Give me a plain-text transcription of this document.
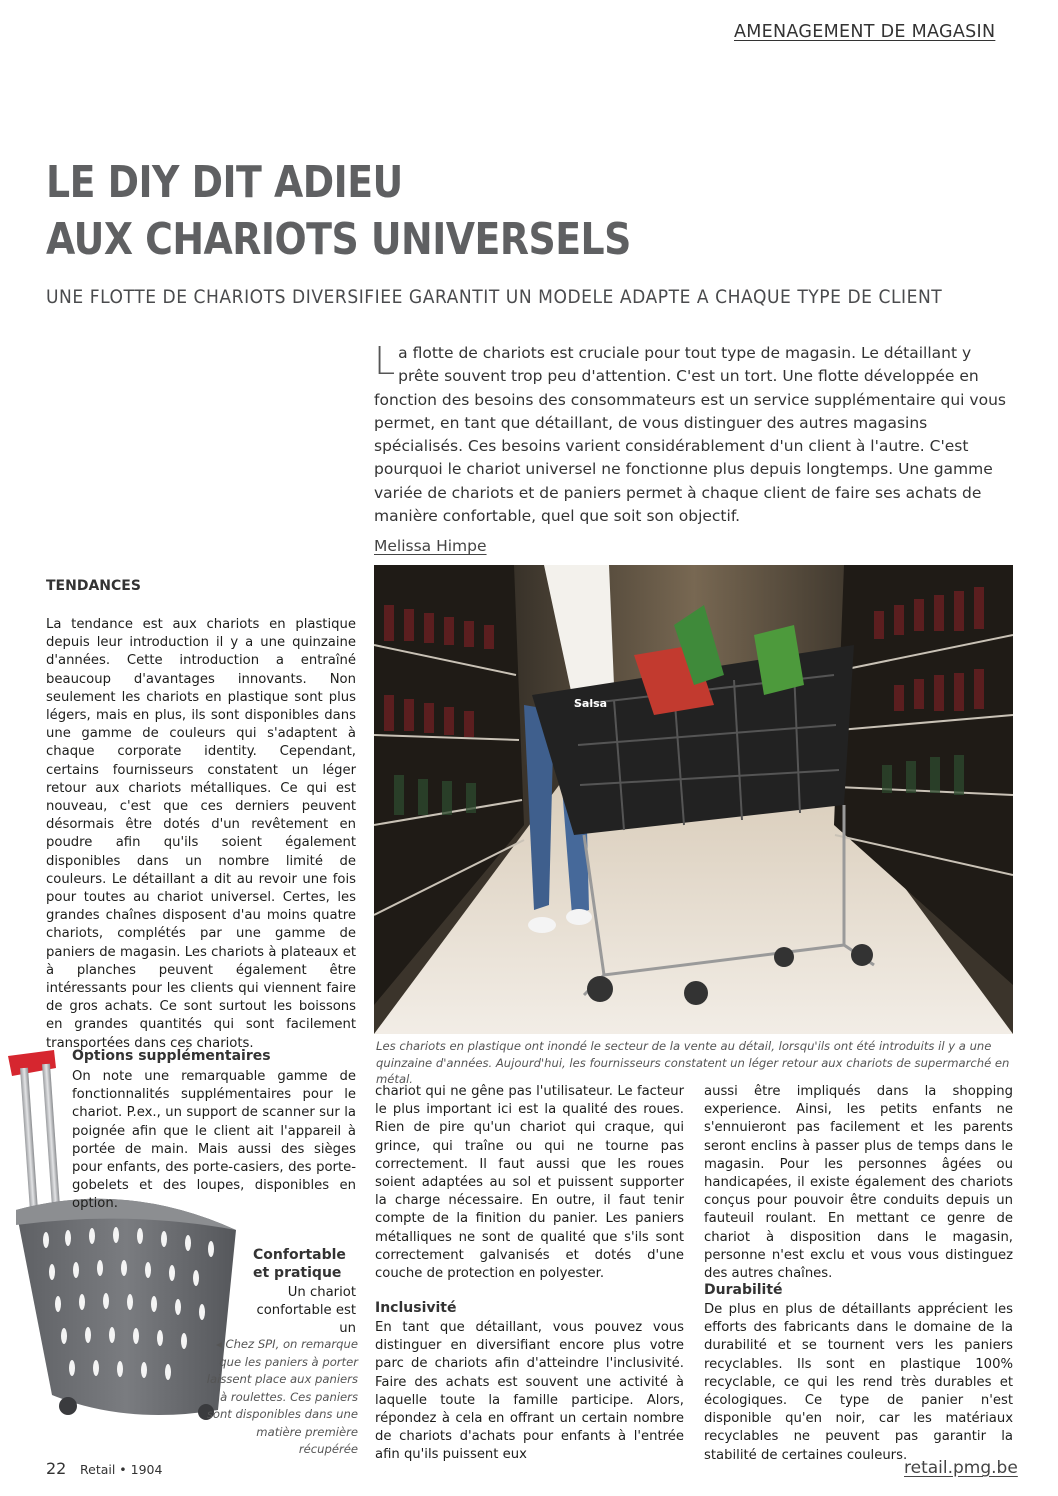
AMENAGEMENT DE MAGASIN
LE DIY DIT ADIEU
AUX CHARIOTS UNIVERSELS
UNE FLOTTE DE CHARIOTS DIVERSIFIEE GARANTIT UN MODELE ADAPTE A CHAQUE TYPE DE CLIENT
La flotte de chariots est cruciale pour tout type de magasin. Le détaillant y prête souvent trop peu d'attention. C'est un tort. Une flotte développée en fonction des besoins des consommateurs est un service supplémentaire qui vous permet, en tant que détaillant, de vous distinguer des autres magasins spécialisés. Ces besoins varient considérablement d'un client à l'autre. C'est pourquoi le chariot universel ne fonctionne plus depuis longtemps. Une gamme variée de chariots et de paniers permet à chaque client de faire ses achats de manière confortable, quel que soit son objectif.
Melissa Himpe
TENDANCES
La tendance est aux chariots en plastique depuis leur introduction il y a une quinzaine d'années. Cette introduction a entraîné beaucoup d'avantages innovants. Non seulement les chariots en plastique sont plus légers, mais en plus, ils sont disponibles dans une gamme de couleurs qui s'adaptent à chaque corporate identity. Cependant, certains fournisseurs constatent un léger retour aux chariots métalliques. Ce qui est nouveau, c'est que ces derniers peuvent désormais être dotés d'un revêtement en poudre afin qu'ils soient également disponibles dans un nombre limité de couleurs. Le détaillant a dit au revoir une fois pour toutes au chariot universel. Certes, les grandes chaînes disposent d'au moins quatre chariots, complétés par une gamme de paniers de magasin. Les chariots à plateaux et à planches peuvent également être intéressants pour les clients qui viennent faire de gros achats. Ce sont surtout les boissons en grandes quantités qui sont facilement transportées dans ces chariots.
Options supplémentaires
On note une remarquable gamme de fonctionnalités supplémentaires pour le chariot. P.ex., un support de scanner sur la poignée afin que le client ait l'appareil à portée de main. Mais aussi des sièges pour enfants, des porte-casiers, des porte-gobelets et des loupes, disponibles en option.
Confortable
et pratique
Un chariot confortable est un
◂ Chez SPI, on remarque que les paniers à porter laissent place aux paniers à roulettes. Ces paniers sont disponibles dans une matière première récupérée
Salsa
Les chariots en plastique ont inondé le secteur de la vente au détail, lorsqu'ils ont été introduits il y a une quinzaine d'années. Aujourd'hui, les fournisseurs constatent un léger retour aux chariots de supermarché en métal.
chariot qui ne gêne pas l'utilisateur. Le facteur le plus important ici est la qualité des roues. Rien de pire qu'un chariot qui craque, qui grince, qui traîne ou qui ne tourne pas correctement. Il faut aussi que les roues soient adaptées au sol et puissent supporter la charge nécessaire. En outre, il faut tenir compte de la finition du panier. Les paniers métalliques ne sont de qualité que s'ils sont correctement galvanisés et dotés d'une couche de protection en polyester.
Inclusivité
En tant que détaillant, vous pouvez vous distinguer en diversifiant encore plus votre parc de chariots afin d'atteindre l'inclusivité. Faire des achats est souvent une activité à laquelle toute la famille participe. Alors, répondez à cela en offrant un certain nombre de chariots d'achats pour enfants à l'entrée afin qu'ils puissent eux
aussi être impliqués dans la shopping experience. Ainsi, les petits enfants ne s'ennuieront pas facilement et les parents seront enclins à passer plus de temps dans le magasin. Pour les personnes âgées ou handicapées, il existe également des chariots conçus pour pouvoir être conduits depuis un fauteuil roulant. En mettant ce genre de chariot à disposition dans le magasin, personne n'est exclu et vous vous distinguez des autres chaînes.
Durabilité
De plus en plus de détaillants apprécient les efforts des fabricants dans le domaine de la durabilité et se tournent vers les paniers recyclables. Ils sont en plastique 100% recyclable, ce qui les rend très durables et écologiques. Ce type de panier n'est disponible qu'en noir, car les matériaux recyclables ne peuvent pas garantir la stabilité de certaines couleurs.
22 Retail • 1904	retail.pmg.be
